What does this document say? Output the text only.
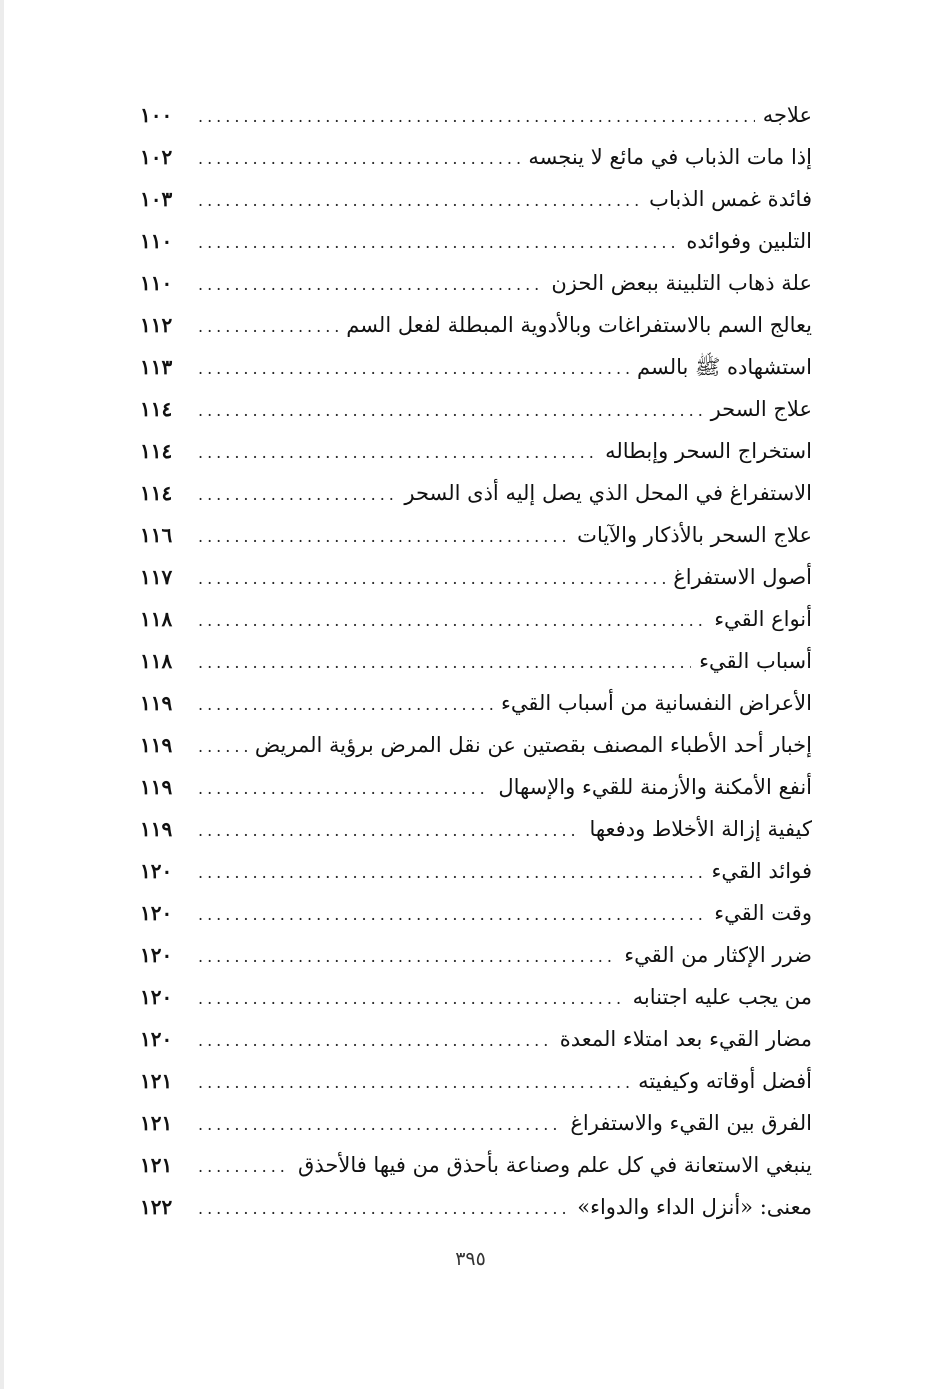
علاجه
.....
١٠٠
إذا مات الذباب في مائع لا ينجسه
.....
١٠٢
فائدة غمس الذباب
.....
١٠٣
التلبين وفوائده
.....
١١٠
علة ذهاب التلبينة ببعض الحزن
.....
١١٠
يعالج السم بالاستفراغات وبالأدوية المبطلة لفعل السم
.....
١١٢
استشهاده ﷺ بالسم
.....
١١٣
علاج السحر
.....
١١٤
استخراج السحر وإبطاله
.....
١١٤
الاستفراغ في المحل الذي يصل إليه أذى السحر
.....
١١٤
علاج السحر بالأذكار والآيات
.....
١١٦
أصول الاستفراغ
.....
١١٧
أنواع القيء
.....
١١٨
أسباب القيء
.....
١١٨
الأعراض النفسانية من أسباب القيء
.....
١١٩
إخبار أحد الأطباء المصنف بقصتين عن نقل المرض برؤية المريض
.....
١١٩
أنفع الأمكنة والأزمنة للقيء والإسهال
.....
١١٩
كيفية إزالة الأخلاط ودفعها
.....
١١٩
فوائد القيء
.....
١٢٠
وقت القيء
.....
١٢٠
ضرر الإكثار من القيء
.....
١٢٠
من يجب عليه اجتنابه
.....
١٢٠
مضار القيء بعد امتلاء المعدة
.....
١٢٠
أفضل أوقاته وكيفيته
.....
١٢١
الفرق بين القيء والاستفراغ
.....
١٢١
ينبغي الاستعانة في كل علم وصناعة بأحذق من فيها فالأحذق
.....
١٢١
معنى: «أنزل الداء والدواء»
.....
١٢٢
٣٩٥
